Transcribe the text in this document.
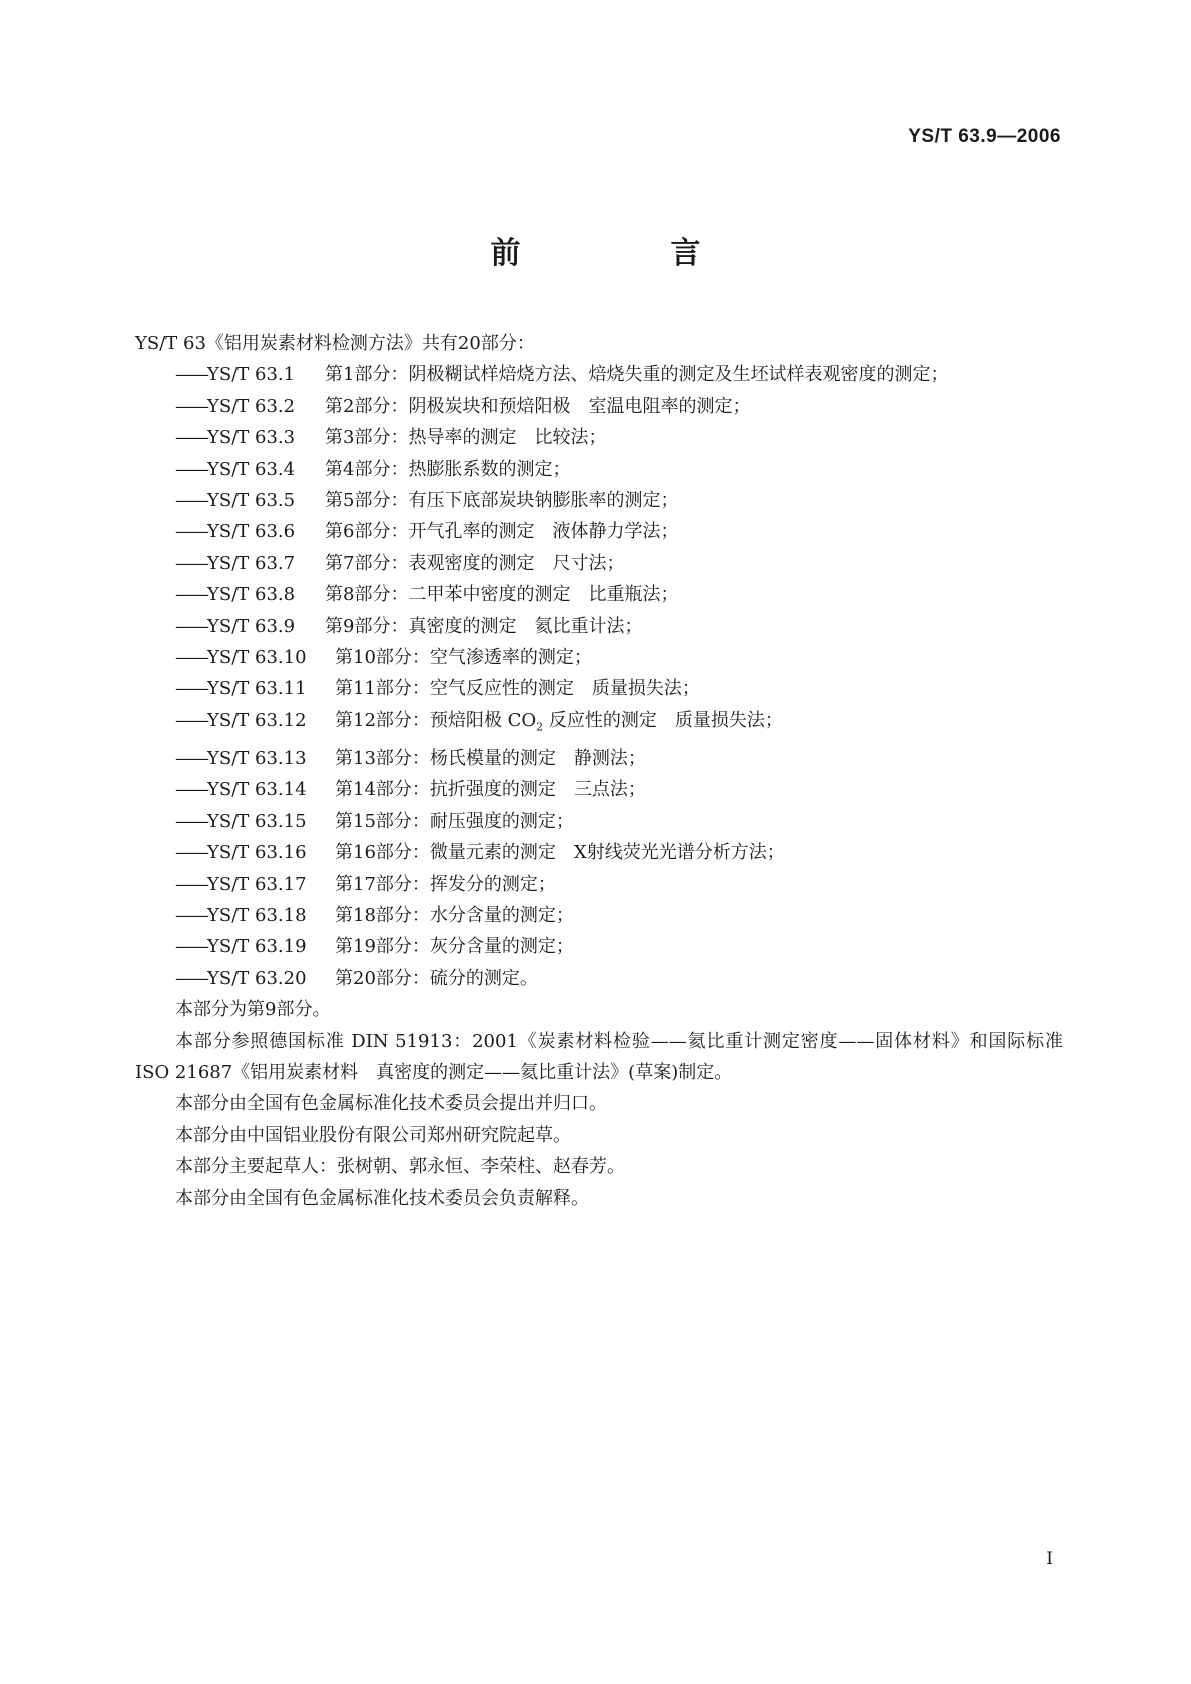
YS/T 63.9—2006
前　言
YS/T 63《铝用炭素材料检测方法》共有20部分：
——YS/T 63.1 第1部分：阴极糊试样焙烧方法、焙烧失重的测定及生坯试样表观密度的测定；
——YS/T 63.2 第2部分：阴极炭块和预焙阳极　室温电阻率的测定；
——YS/T 63.3 第3部分：热导率的测定　比较法；
——YS/T 63.4 第4部分：热膨胀系数的测定；
——YS/T 63.5 第5部分：有压下底部炭块钠膨胀率的测定；
——YS/T 63.6 第6部分：开气孔率的测定　液体静力学法；
——YS/T 63.7 第7部分：表观密度的测定　尺寸法；
——YS/T 63.8 第8部分：二甲苯中密度的测定　比重瓶法；
——YS/T 63.9 第9部分：真密度的测定　氦比重计法；
——YS/T 63.10 第10部分：空气渗透率的测定；
——YS/T 63.11 第11部分：空气反应性的测定　质量损失法；
——YS/T 63.12 第12部分：预焙阳极 $CO_2$ 反应性的测定　质量损失法；
——YS/T 63.13 第13部分：杨氏模量的测定　静测法；
——YS/T 63.14 第14部分：抗折强度的测定　三点法；
——YS/T 63.15 第15部分：耐压强度的测定；
——YS/T 63.16 第16部分：微量元素的测定　X射线荧光光谱分析方法；
——YS/T 63.17 第17部分：挥发分的测定；
——YS/T 63.18 第18部分：水分含量的测定；
——YS/T 63.19 第19部分：灰分含量的测定；
——YS/T 63.20 第20部分：硫分的测定。
本部分为第9部分。
本部分参照德国标准 DIN 51913：2001《炭素材料检验——氦比重计测定密度——固体材料》和国际标准 ISO 21687《铝用炭素材料　真密度的测定——氦比重计法》(草案)制定。
本部分由全国有色金属标准化技术委员会提出并归口。
本部分由中国铝业股份有限公司郑州研究院起草。
本部分主要起草人：张树朝、郭永恒、李荣柱、赵春芳。
本部分由全国有色金属标准化技术委员会负责解释。
I
